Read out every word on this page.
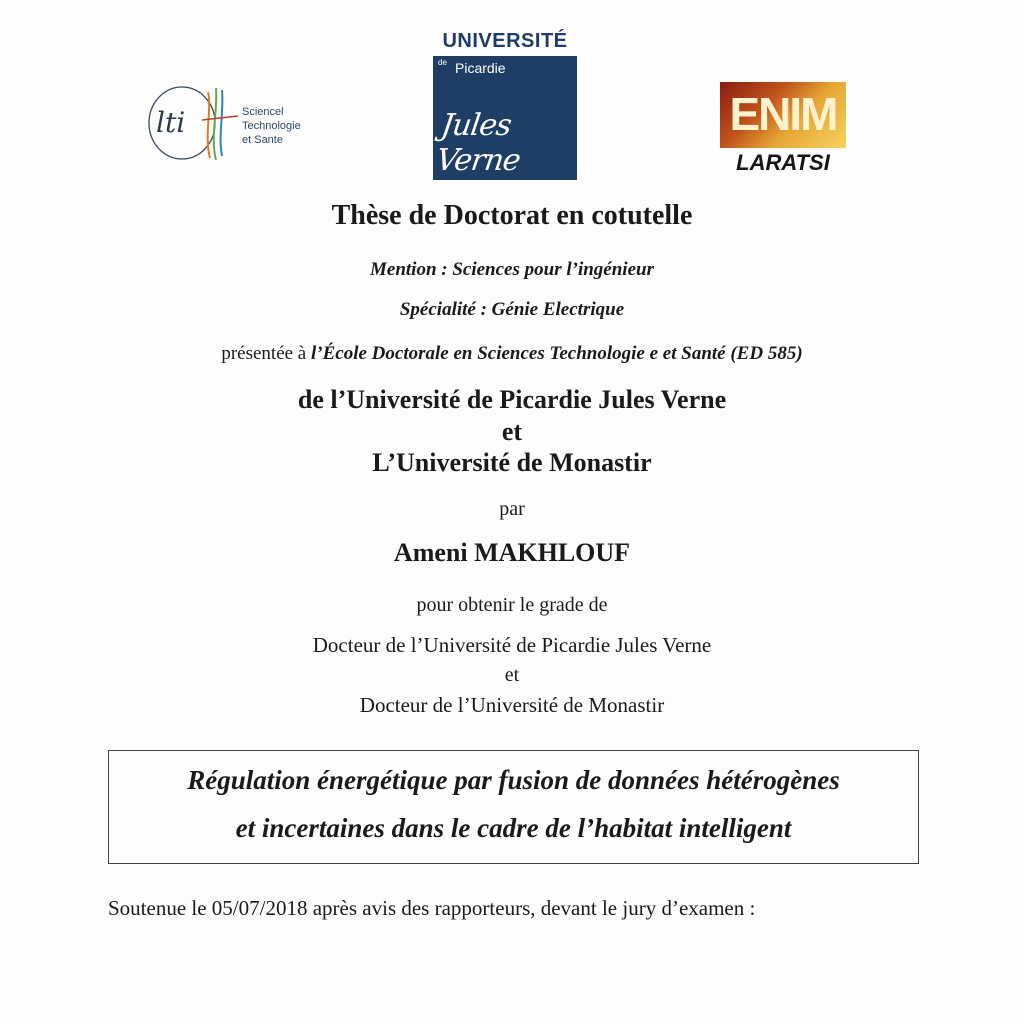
lti	Sciencel
Technologie
et Sante
UNIVERSITÉ
de Picardie
Jules Verne
ENIM
LARATSI
Thèse de Doctorat en cotutelle
Mention : Sciences pour l’ingénieur
Spécialité : Génie Electrique
présentée à l’École Doctorale en Sciences Technologie e et Santé (ED 585)
de l’Université de Picardie Jules Verne
et
L’Université de Monastir
par
Ameni MAKHLOUF
pour obtenir le grade de
Docteur de l’Université de Picardie Jules Verne
et
Docteur de l’Université de Monastir
Régulation énergétique par fusion de données hétérogènes
et incertaines dans le cadre de l’habitat intelligent
Soutenue le 05/07/2018 après avis des rapporteurs, devant le jury d’examen :
